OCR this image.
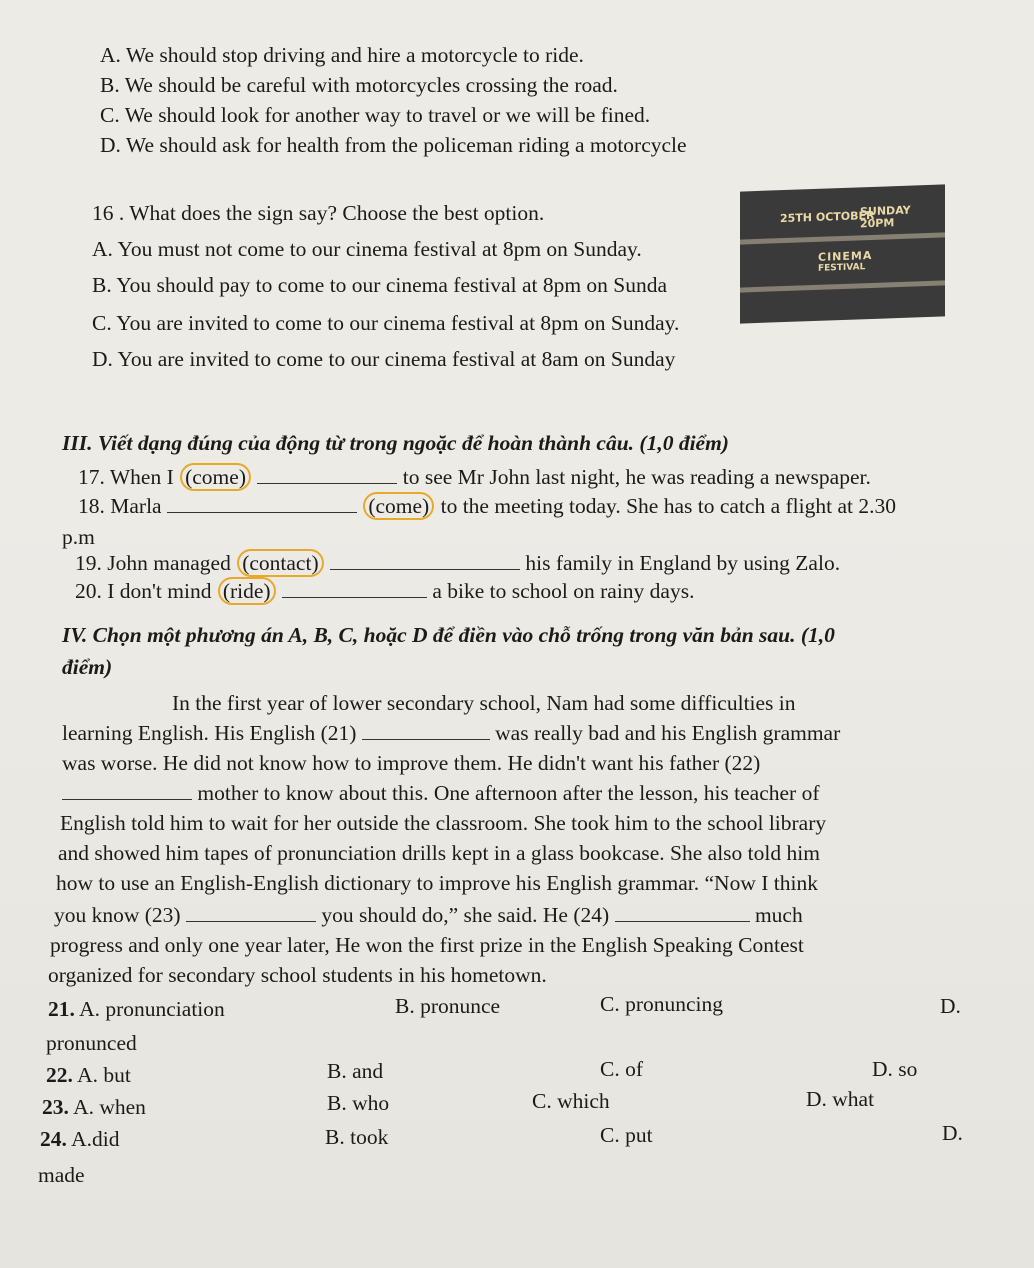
A. We should stop driving and hire a motorcycle to ride.
B. We should be careful with motorcycles crossing the road.
C. We should look for another way to travel or we will be fined.
D. We should ask for health from the policeman riding a motorcycle
16 . What does the sign say? Choose the best option.
A. You must not come to our cinema festival at 8pm on Sunday.
B. You should pay to come to our cinema festival at 8pm on Sunda
C. You are invited to come to our cinema festival at 8pm on Sunday.
D. You are invited to come to our cinema festival at 8am on Sunday
25TH OCTOBER
SUNDAY
20PM
CINEMA
FESTIVAL
III. Viết dạng đúng của động từ trong ngoặc để hoàn thành câu. (1,0 điểm)
17. When I (come)	to see Mr John last night, he was reading a newspaper.
18. Marla	(come) to the meeting today. She has to catch a flight at 2.30
p.m
19. John managed (contact)	his family in England by using Zalo.
20. I don't mind (ride)	a bike to school on rainy days.
IV. Chọn một phương án A, B, C, hoặc D để điền vào chỗ trống trong văn bản sau. (1,0
điểm)
In the first year of lower secondary school, Nam had some difficulties in
learning English. His English (21)	was really bad and his English grammar
was worse. He did not know how to improve them. He didn't want his father (22)
mother to know about this. One afternoon after the lesson, his teacher of
English told him to wait for her outside the classroom. She took him to the school library
and showed him tapes of pronunciation drills kept in a glass bookcase. She also told him
how to use an English-English dictionary to improve his English grammar. “Now I think
you know (23)	you should do,” she said. He (24)	much
progress and only one year later, He won the first prize in the English Speaking Contest
organized for secondary school students in his hometown.
21. A. pronunciation	B. pronunce	C. pronuncing	D.
pronunced
22. A. but	B. and	C. of	D. so
23. A. when	B. who	C. which	D. what
24. A.did	B. took	C. put	D.
made
